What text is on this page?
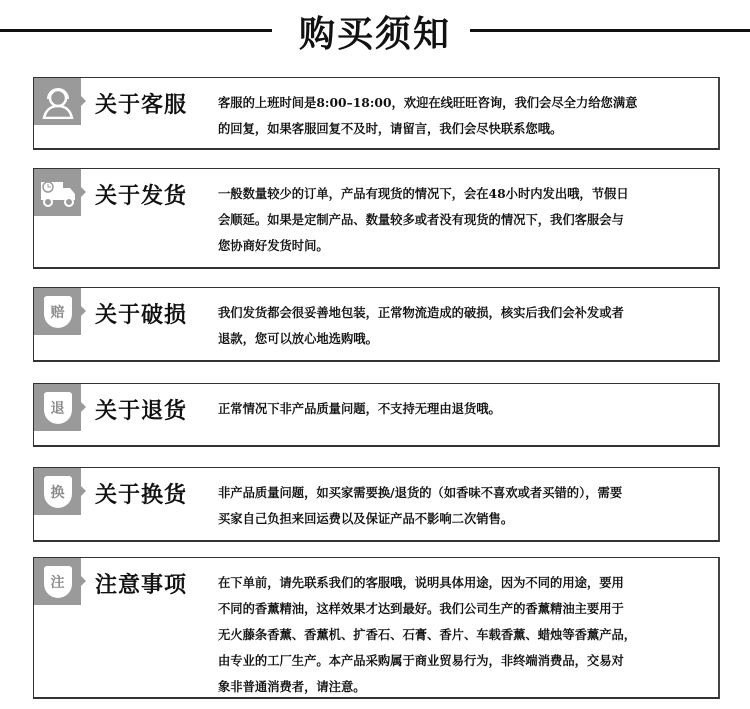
购买须知
关于客服	客服的上班时间是8:00–18:00，欢迎在线旺旺咨询，我们会尽全力给您满意
的回复，如果客服回复不及时，请留言，我们会尽快联系您哦。
关于发货	一般数量较少的订单，产品有现货的情况下，会在48小时内发出哦，节假日
会顺延。如果是定制产品、数量较多或者没有现货的情况下，我们客服会与
您协商好发货时间。
赔	关于破损	我们发货都会很妥善地包装，正常物流造成的破损，核实后我们会补发或者
退款，您可以放心地选购哦。
退	关于退货	正常情况下非产品质量问题，不支持无理由退货哦。
换	关于换货	非产品质量问题，如买家需要换/退货的（如香味不喜欢或者买错的），需要
买家自己负担来回运费以及保证产品不影响二次销售。
注	注意事项	在下单前，请先联系我们的客服哦，说明具体用途，因为不同的用途，要用
不同的香薰精油，这样效果才达到最好。我们公司生产的香薰精油主要用于
无火藤条香薰、香薰机、扩香石、石膏、香片、车载香薰、蜡烛等香薰产品，
由专业的工厂生产。本产品采购属于商业贸易行为，非终端消费品，交易对
象非普通消费者，请注意。
